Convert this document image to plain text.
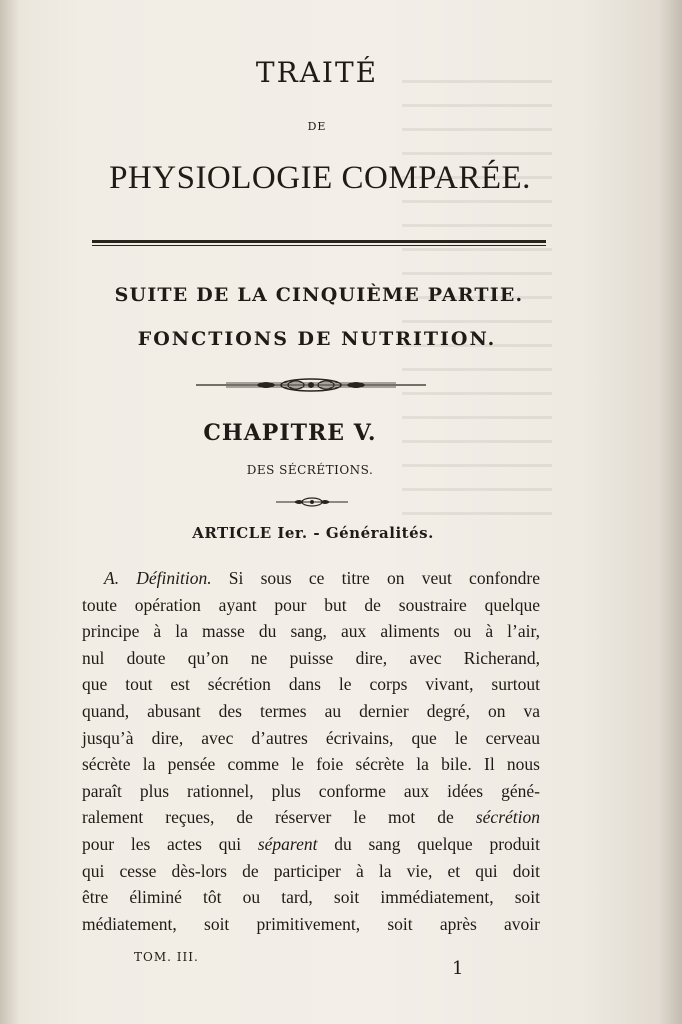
TRAITÉ
DE
PHYSIOLOGIE COMPARÉE.
SUITE DE LA CINQUIÈME PARTIE.
FONCTIONS DE NUTRITION.
CHAPITRE V.
DES SÉCRÉTIONS.
ARTICLE Ier. - Généralités.
A. Définition. Si sous ce titre on veut confondre
toute opération ayant pour but de soustraire quelque
principe à la masse du sang, aux aliments ou à l’air,
nul doute qu’on ne puisse dire, avec Richerand,
que tout est sécrétion dans le corps vivant, surtout
quand, abusant des termes au dernier degré, on va
jusqu’à dire, avec d’autres écrivains, que le cerveau
sécrète la pensée comme le foie sécrète la bile. Il nous
paraît plus rationnel, plus conforme aux idées géné-
ralement reçues, de réserver le mot de sécrétion
pour les actes qui séparent du sang quelque produit
qui cesse dès-lors de participer à la vie, et qui doit
être éliminé tôt ou tard, soit immédiatement, soit
médiatement, soit primitivement, soit après avoir
TOM. III.
1
